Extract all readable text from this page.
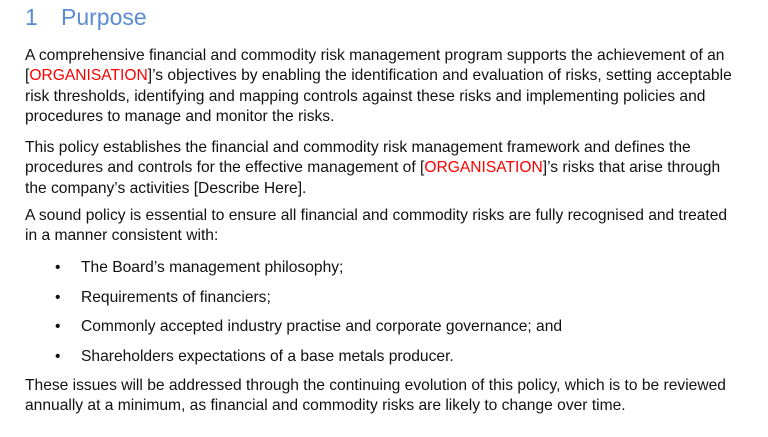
1 Purpose
A comprehensive financial and commodity risk management program supports the achievement of an
[ORGANISATION]’s objectives by enabling the identification and evaluation of risks, setting acceptable
risk thresholds, identifying and mapping controls against these risks and implementing policies and
procedures to manage and monitor the risks.
This policy establishes the financial and commodity risk management framework and defines the
procedures and controls for the effective management of [ORGANISATION]’s risks that arise through
the company’s activities [Describe Here].
A sound policy is essential to ensure all financial and commodity risks are fully recognised and treated
in a manner consistent with:
• The Board’s management philosophy;
• Requirements of financiers;
• Commonly accepted industry practise and corporate governance; and
• Shareholders expectations of a base metals producer.
These issues will be addressed through the continuing evolution of this policy, which is to be reviewed
annually at a minimum, as financial and commodity risks are likely to change over time.
